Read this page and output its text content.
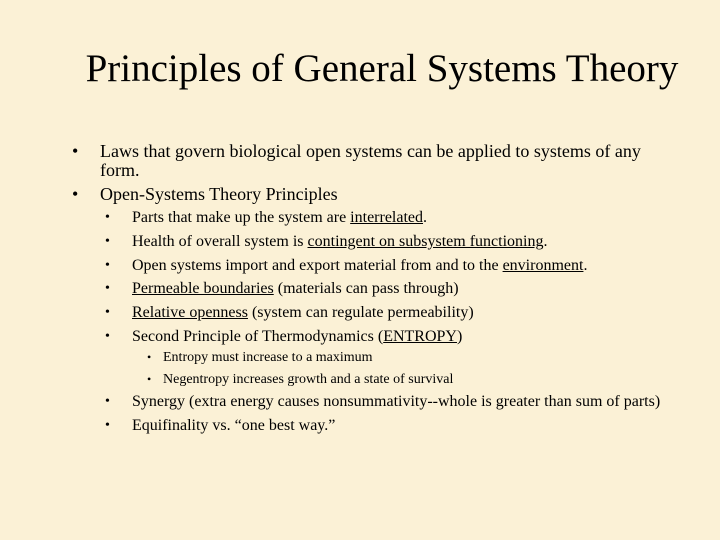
Principles of General Systems Theory
• Laws that govern biological open systems can be applied to systems of any form.
• Open-Systems Theory Principles
• Parts that make up the system are interrelated.
• Health of overall system is contingent on subsystem functioning.
• Open systems import and export material from and to the environment.
• Permeable boundaries (materials can pass through)
• Relative openness (system can regulate permeability)
• Second Principle of Thermodynamics (ENTROPY)
• Entropy must increase to a maximum
• Negentropy increases growth and a state of survival
• Synergy (extra energy causes nonsummativity--whole is greater than sum of parts)
• Equifinality vs. “one best way.”
